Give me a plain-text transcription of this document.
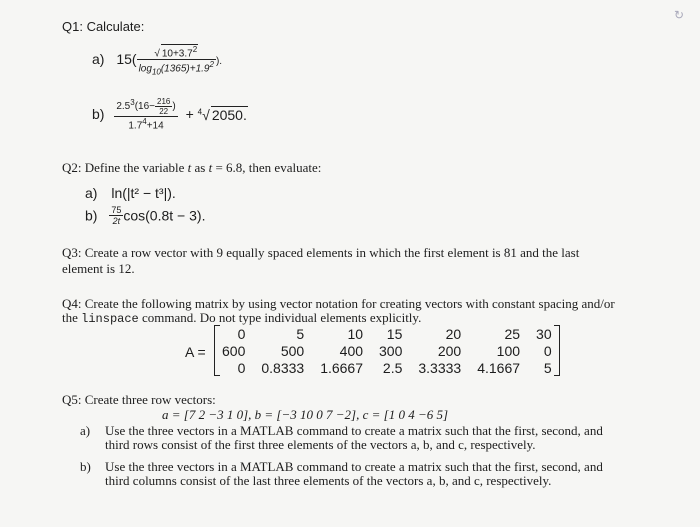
↻
Q1: Calculate:
a) $15( \frac{√ 10+3.7^2}{\log_{10}(1365)+1.9^2}$ ).
$b) \frac{2.5^3(16- \frac{216}{22} )}{1.7^4+14} + ^4√$ 2050.
Q2: Define the variable t as t = 6.8, then evaluate:
a) ln(|t² − t³|).
$b) \frac{75}{2t} \cos(0.8t - 3)$.
Q3: Create a row vector with 9 equally spaced elements in which the first element is 81 and the last
element is 12.
Q4: Create the following matrix by using vector notation for creating vectors with constant spacing and/or
the linspace command. Do not type individual elements explicitly.
A =
0	5	10	15	20	25	30
600	500	400	300	200	100	0
0	0.8333	1.6667	2.5	3.3333	4.1667	5
Q5: Create three row vectors:
a = [7 2 −3 1 0], b = [−3 10 0 7 −2], c = [1 0 4 −6 5]
a) Use the three vectors in a MATLAB command to create a matrix such that the first, second, and
third rows consist of the first three elements of the vectors a, b, and c, respectively.
b) Use the three vectors in a MATLAB command to create a matrix such that the first, second, and
third columns consist of the last three elements of the vectors a, b, and c, respectively.
